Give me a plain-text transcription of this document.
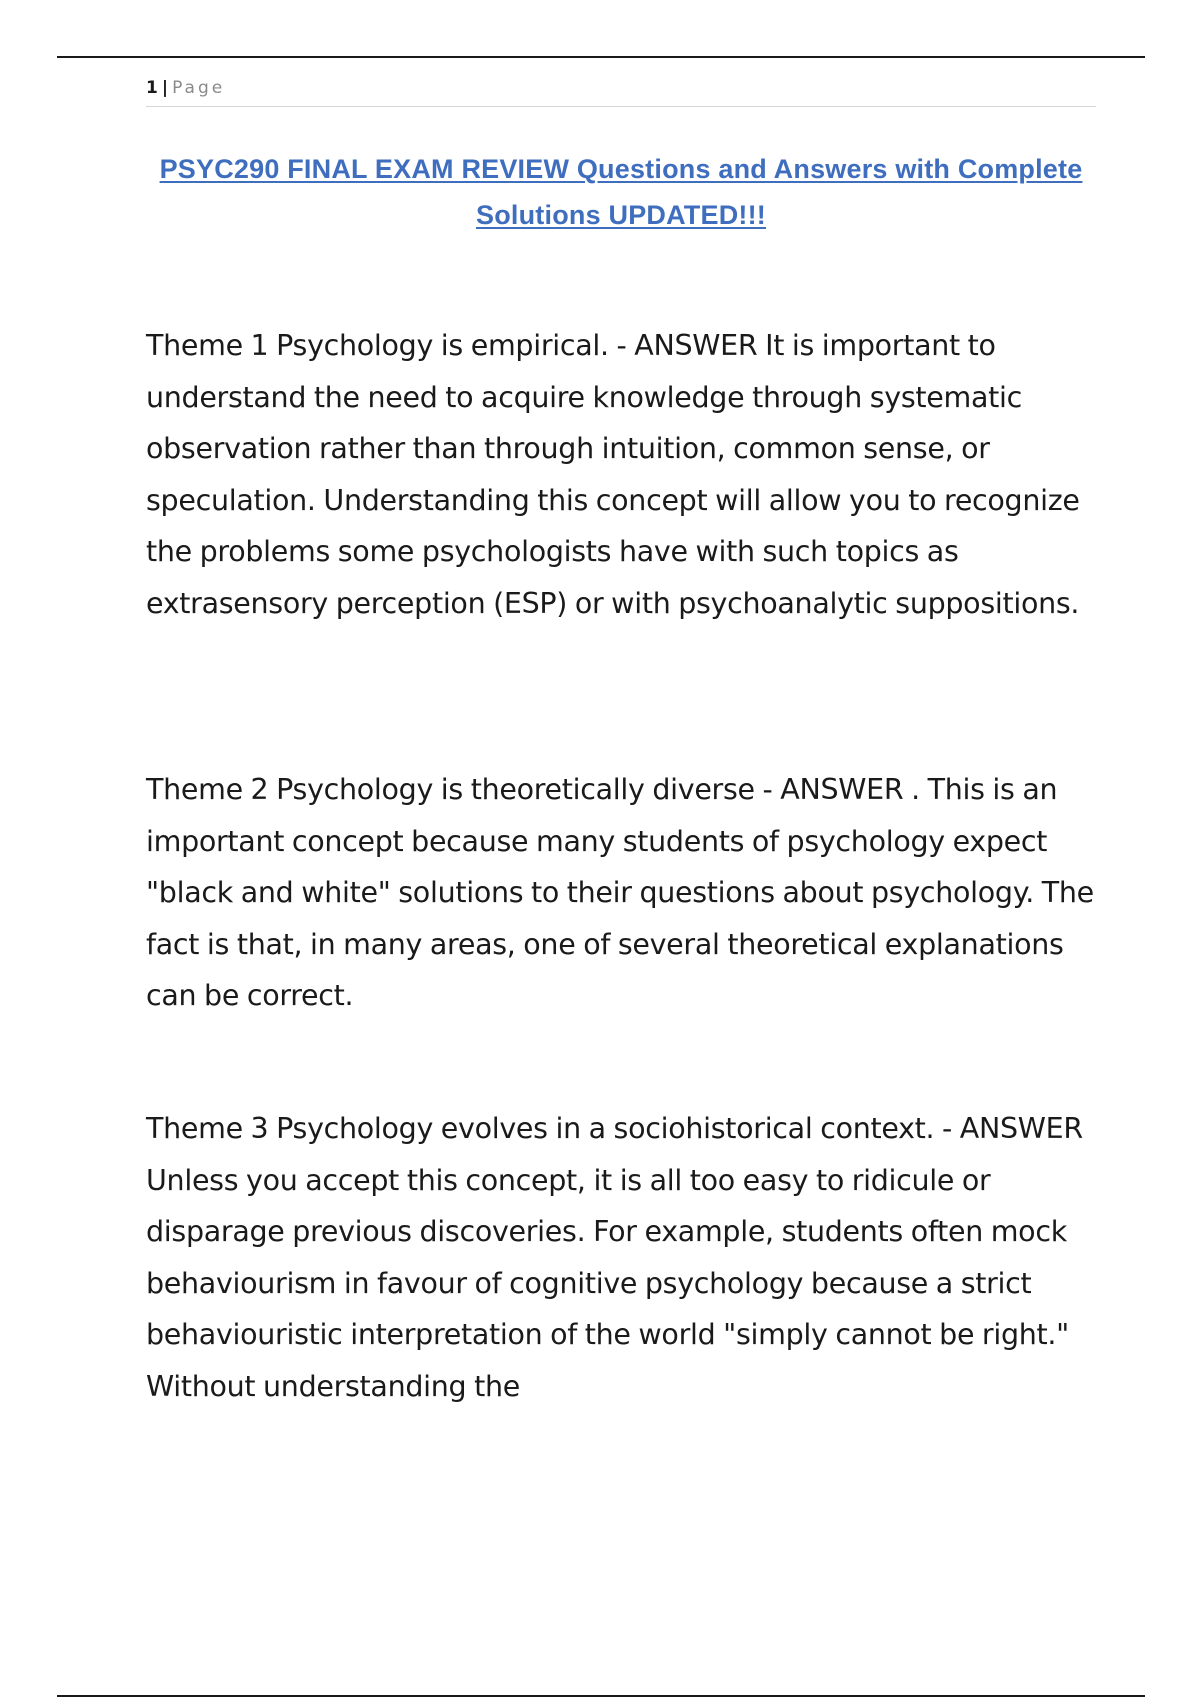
1 | Page
PSYC290 FINAL EXAM REVIEW Questions and Answers with Complete Solutions UPDATED!!!

Theme 1 Psychology is empirical. - ANSWER It is important to understand the need to acquire knowledge through systematic observation rather than through intuition, common sense, or speculation. Understanding this concept will allow you to recognize the problems some psychologists have with such topics as extrasensory perception (ESP) or with psychoanalytic suppositions.

Theme 2 Psychology is theoretically diverse - ANSWER . This is an important concept because many students of psychology expect "black and white" solutions to their questions about psychology. The fact is that, in many areas, one of several theoretical explanations can be correct.

Theme 3 Psychology evolves in a sociohistorical context. - ANSWER Unless you accept this concept, it is all too easy to ridicule or disparage previous discoveries. For example, students often mock behaviourism in favour of cognitive psychology because a strict behaviouristic interpretation of the world "simply cannot be right." Without understanding the
